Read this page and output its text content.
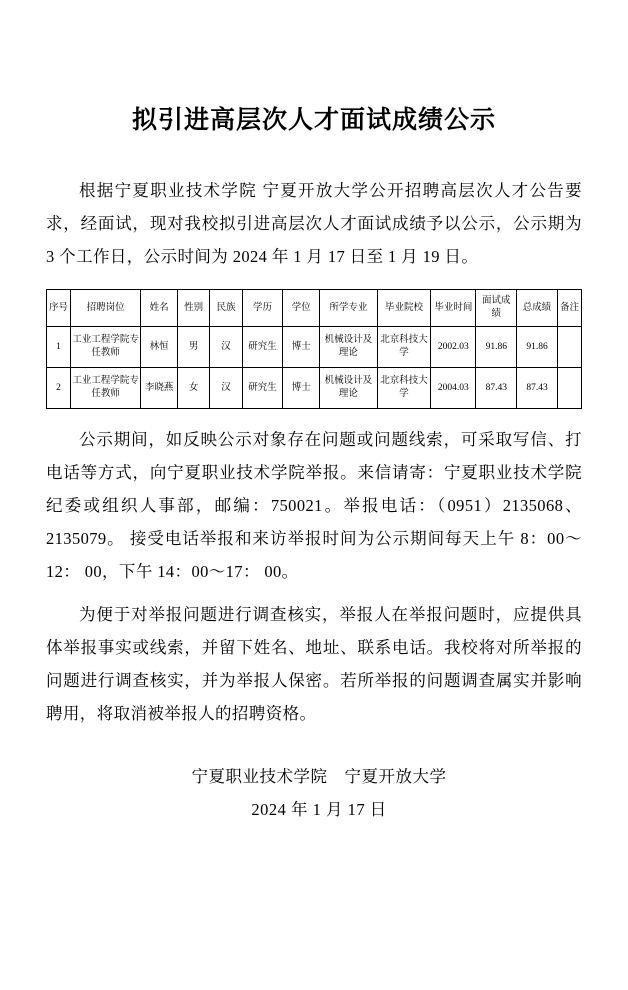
拟引进高层次人才面试成绩公示

根据宁夏职业技术学院 宁夏开放大学公开招聘高层次人才公告要求，经面试，现对我校拟引进高层次人才面试成绩予以公示，公示期为 3 个工作日，公示时间为 2024 年 1 月 17 日至 1 月 19 日。

序号	招聘岗位	姓名	性别	民族	学历	学位	所学专业	毕业院校	毕业时间	面试成绩	总成绩	备注
1	工业工程学院专任教师	林恒	男	汉	研究生	博士	机械设计及理论	北京科技大学	2002.03	91.86	91.86	
2	工业工程学院专任教师	李晓燕	女	汉	研究生	博士	机械设计及理论	北京科技大学	2004.03	87.43	87.43	

公示期间，如反映公示对象存在问题或问题线索，可采取写信、打电话等方式，向宁夏职业技术学院举报。来信请寄：宁夏职业技术学院纪委或组织人事部，邮编：750021。举报电话：（0951）2135068、2135079。 接受电话举报和来访举报时间为公示期间每天上午 8：00～12： 00，下午 14：00～17： 00。

为便于对举报问题进行调查核实，举报人在举报问题时，应提供具体举报事实或线索，并留下姓名、地址、联系电话。我校将对所举报的问题进行调查核实，并为举报人保密。若所举报的问题调查属实并影响聘用，将取消被举报人的招聘资格。

宁夏职业技术学院　宁夏开放大学
2024 年 1 月 17 日
